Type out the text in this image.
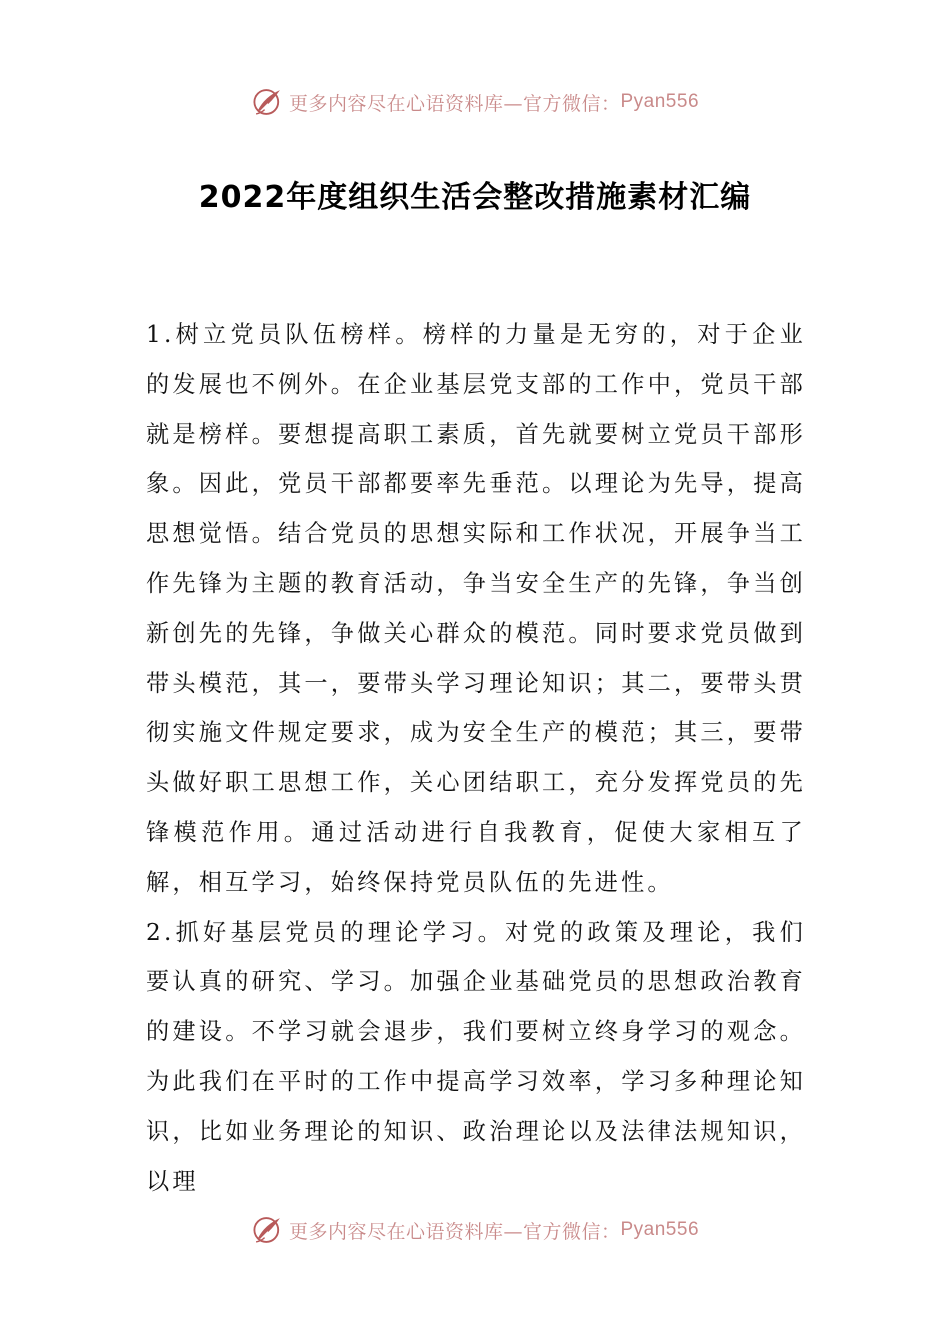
更多内容尽在心语资料库—官方微信： Pyan556
2022年度组织生活会整改措施素材汇编

1.树立党员队伍榜样。榜样的力量是无穷的，对于企业的发展也不例外。在企业基层党支部的工作中，党员干部就是榜样。要想提高职工素质，首先就要树立党员干部形象。因此，党员干部都要率先垂范。以理论为先导，提高思想觉悟。结合党员的思想实际和工作状况，开展争当工作先锋为主题的教育活动，争当安全生产的先锋，争当创新创先的先锋，争做关心群众的模范。同时要求党员做到带头模范，其一，要带头学习理论知识；其二，要带头贯彻实施文件规定要求，成为安全生产的模范；其三，要带头做好职工思想工作，关心团结职工，充分发挥党员的先锋模范作用。通过活动进行自我教育，促使大家相互了解，相互学习，始终保持党员队伍的先进性。

2.抓好基层党员的理论学习。对党的政策及理论，我们要认真的研究、学习。加强企业基础党员的思想政治教育的建设。不学习就会退步，我们要树立终身学习的观念。为此我们在平时的工作中提高学习效率，学习多种理论知识，比如业务理论的知识、政治理论以及法律法规知识，以理

更多内容尽在心语资料库—官方微信： Pyan556
